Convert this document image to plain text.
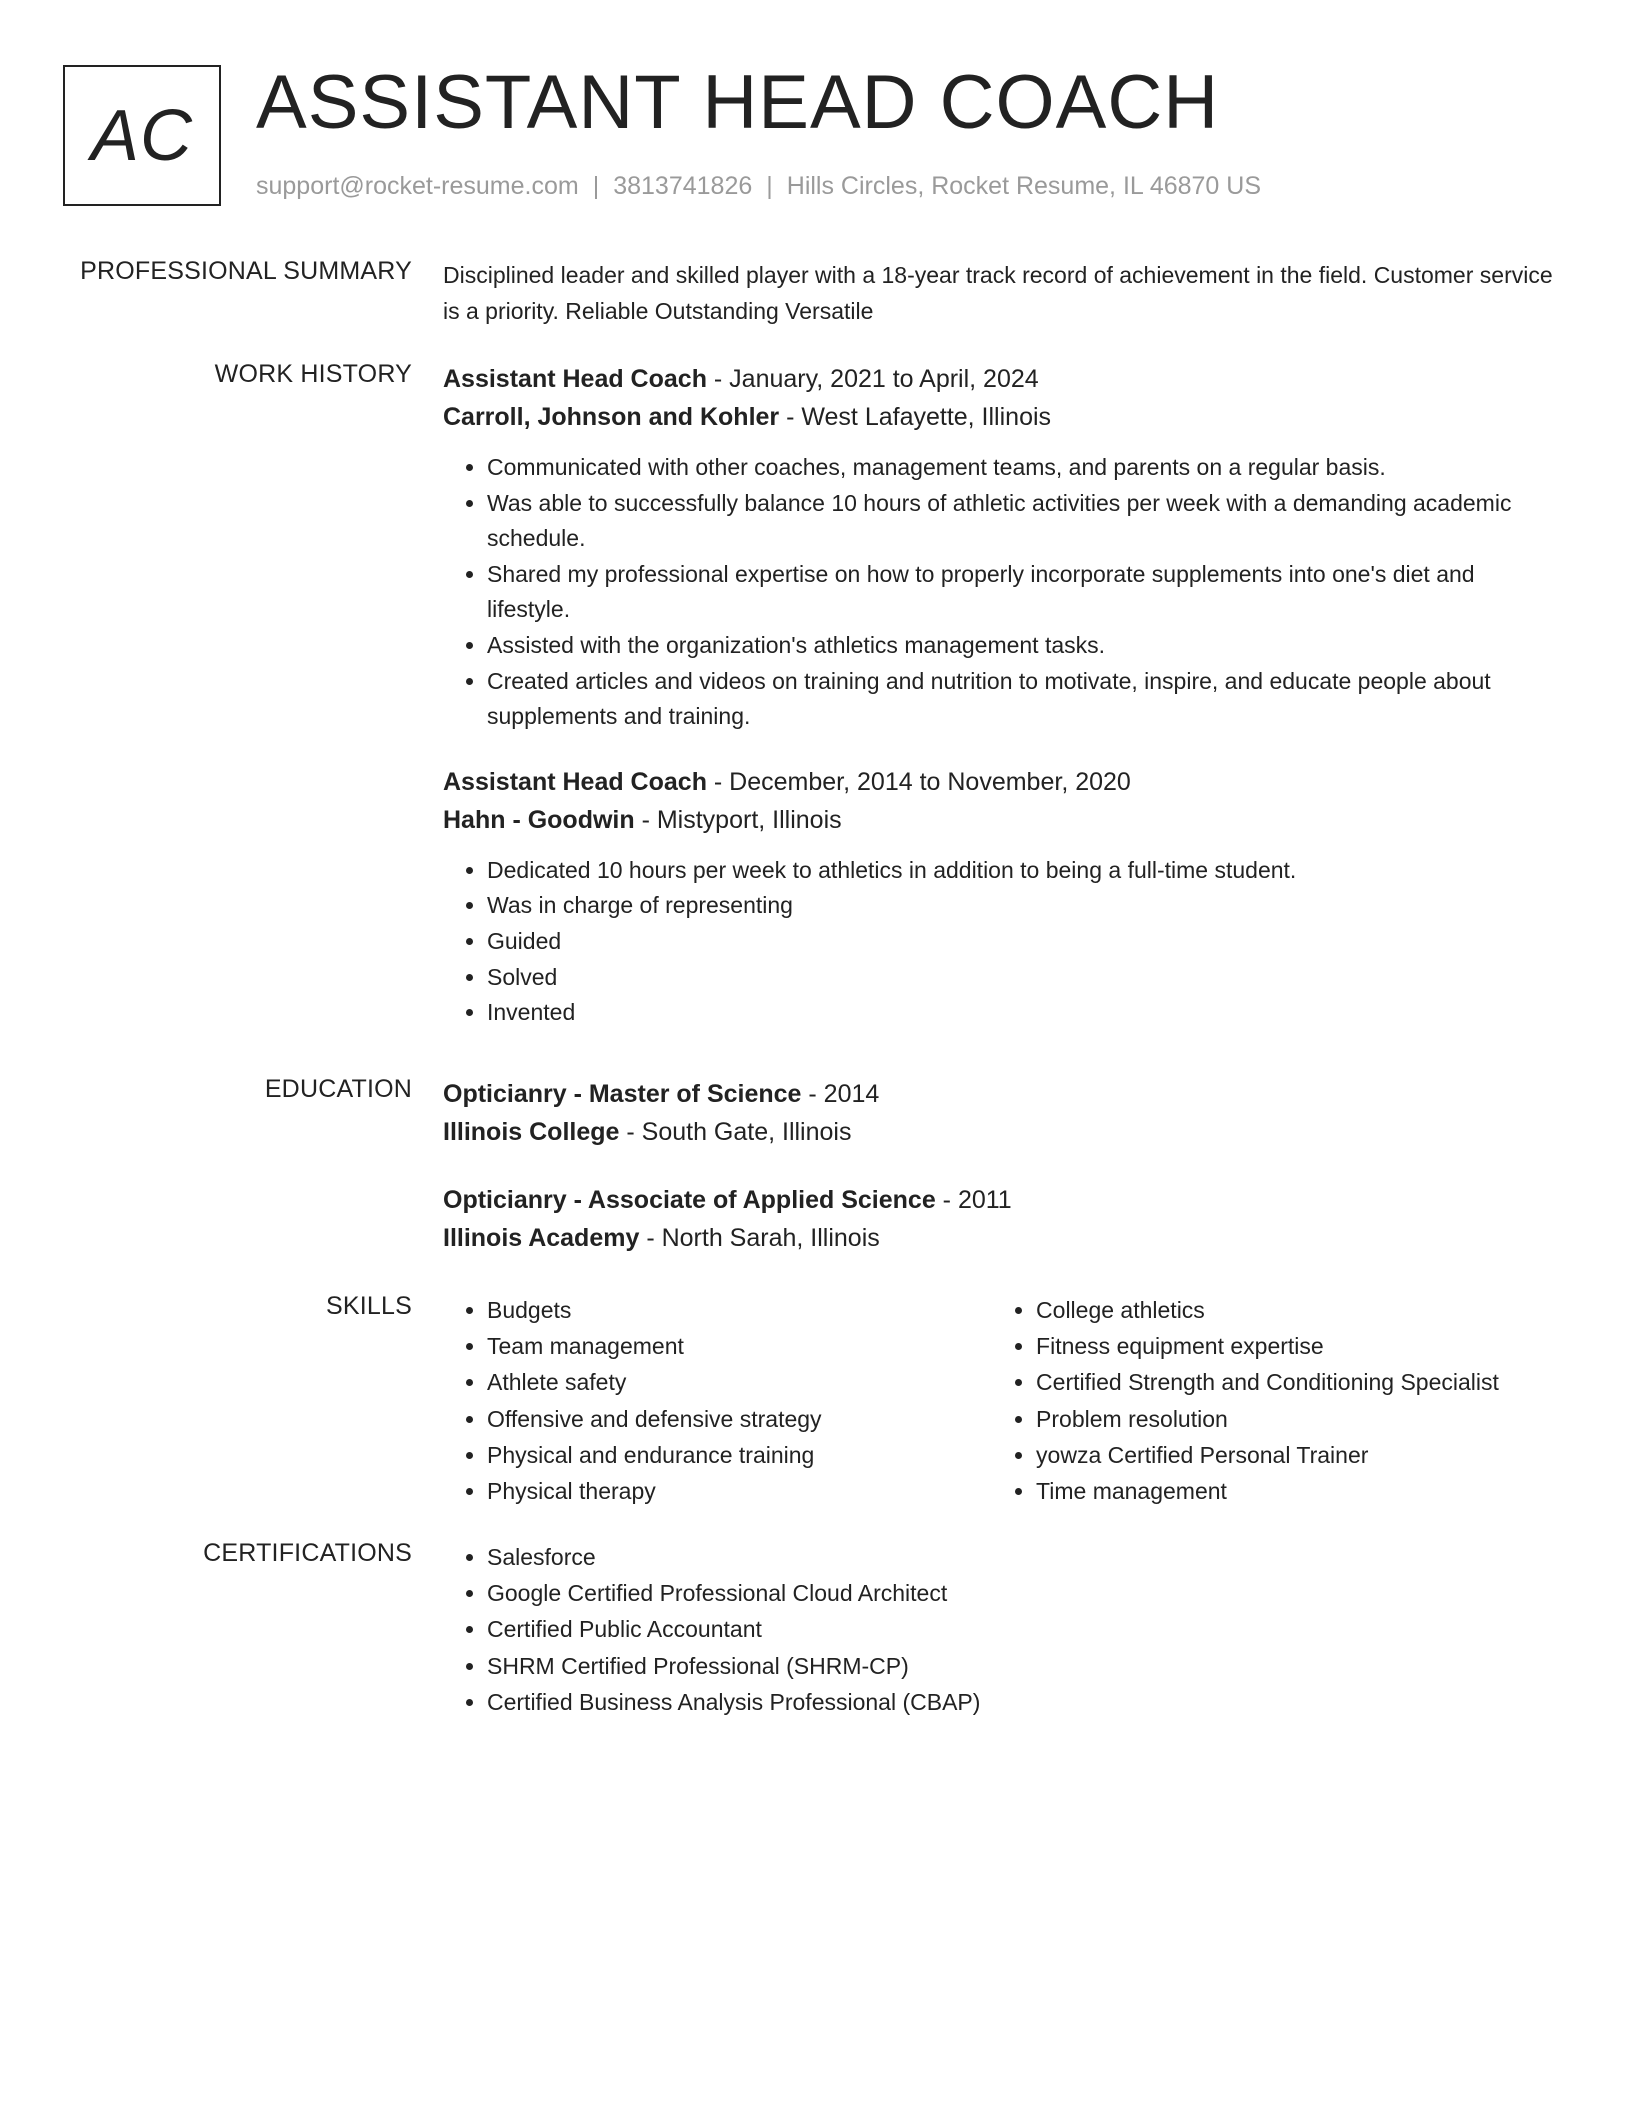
AC ASSISTANT HEAD COACH
support@rocket-resume.com | 3813741826 | Hills Circles, Rocket Resume, IL 46870 US
PROFESSIONAL SUMMARY Disciplined leader and skilled player with a 18-year track record of achievement in the field. Customer service is a priority. Reliable Outstanding Versatile

WORK HISTORY Assistant Head Coach - January, 2021 to April, 2024
Carroll, Johnson and Kohler - West Lafayette, Illinois
• Communicated with other coaches, management teams, and parents on a regular basis.
• Was able to successfully balance 10 hours of athletic activities per week with a demanding academic schedule.
• Shared my professional expertise on how to properly incorporate supplements into one's diet and lifestyle.
• Assisted with the organization's athletics management tasks.
• Created articles and videos on training and nutrition to motivate, inspire, and educate people about supplements and training.
Assistant Head Coach - December, 2014 to November, 2020
Hahn - Goodwin - Mistyport, Illinois
• Dedicated 10 hours per week to athletics in addition to being a full-time student.
• Was in charge of representing
• Guided
• Solved
• Invented
EDUCATION Opticianry - Master of Science - 2014
Illinois College - South Gate, Illinois
Opticianry - Associate of Applied Science - 2011
Illinois Academy - North Sarah, Illinois
SKILLS	• Budgets
• Team management
• Athlete safety
• Offensive and defensive strategy
• Physical and endurance training
• Physical therapy
• College athletics
• Fitness equipment expertise
• Certified Strength and Conditioning Specialist
• Problem resolution
• yowza Certified Personal Trainer
• Time management
CERTIFICATIONS	• Salesforce
• Google Certified Professional Cloud Architect
• Certified Public Accountant
• SHRM Certified Professional (SHRM-CP)
• Certified Business Analysis Professional (CBAP)
